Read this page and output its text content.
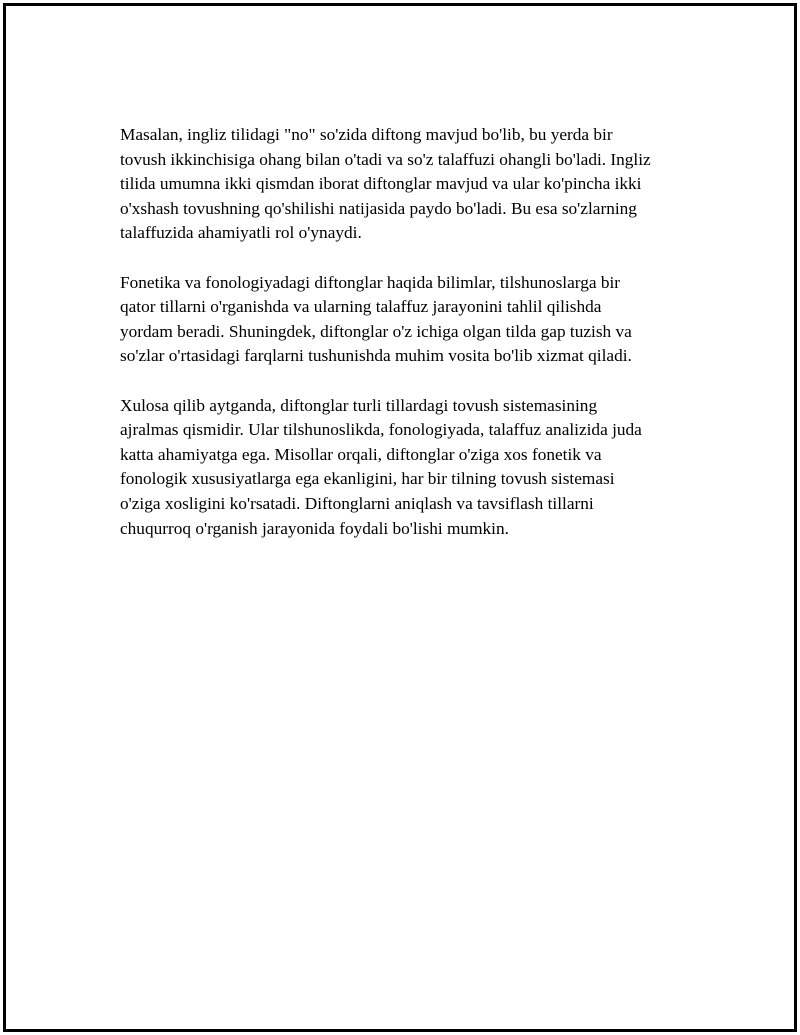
Masalan, ingliz tilidagi "no" so'zida diftong mavjud bo'lib, bu yerda bir
tovush ikkinchisiga ohang bilan o'tadi va so'z talaffuzi ohangli bo'ladi. Ingliz
tilida umumna ikki qismdan iborat diftonglar mavjud va ular ko'pincha ikki
o'xshash tovushning qo'shilishi natijasida paydo bo'ladi. Bu esa so'zlarning
talaffuzida ahamiyatli rol o'ynaydi.

Fonetika va fonologiyadagi diftonglar haqida bilimlar, tilshunoslarga bir
qator tillarni o'rganishda va ularning talaffuz jarayonini tahlil qilishda
yordam beradi. Shuningdek, diftonglar o'z ichiga olgan tilda gap tuzish va
so'zlar o'rtasidagi farqlarni tushunishda muhim vosita bo'lib xizmat qiladi.

Xulosa qilib aytganda, diftonglar turli tillardagi tovush sistemasining
ajralmas qismidir. Ular tilshunoslikda, fonologiyada, talaffuz analizida juda
katta ahamiyatga ega. Misollar orqali, diftonglar o'ziga xos fonetik va
fonologik xususiyatlarga ega ekanligini, har bir tilning tovush sistemasi
o'ziga xosligini ko'rsatadi. Diftonglarni aniqlash va tavsiflash tillarni
chuqurroq o'rganish jarayonida foydali bo'lishi mumkin.
